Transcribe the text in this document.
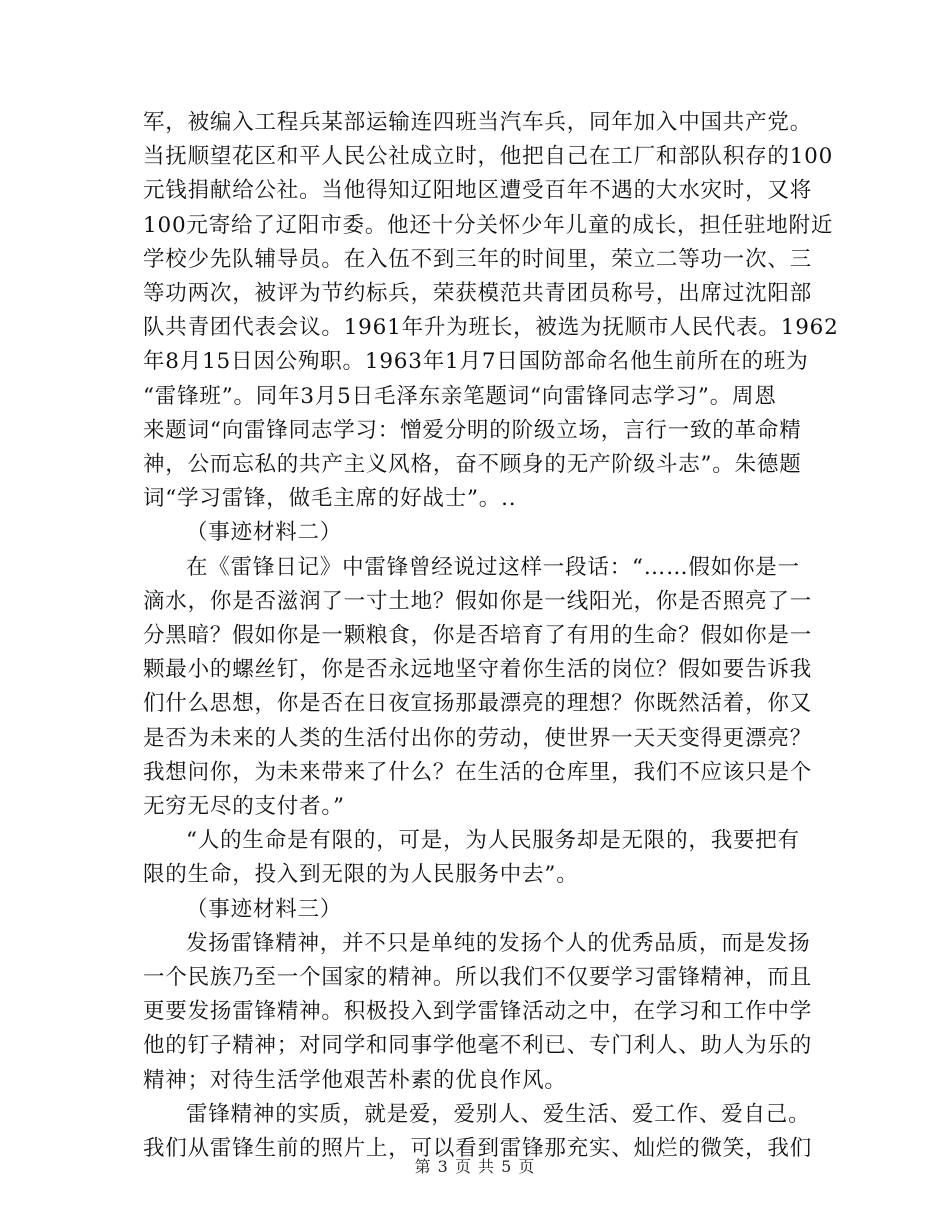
军，被编入工程兵某部运输连四班当汽车兵，同年加入中国共产党。
当抚顺望花区和平人民公社成立时，他把自己在工厂和部队积存的100
元钱捐献给公社。当他得知辽阳地区遭受百年不遇的大水灾时，又将
100元寄给了辽阳市委。他还十分关怀少年儿童的成长，担任驻地附近
学校少先队辅导员。在入伍不到三年的时间里，荣立二等功一次、三
等功两次，被评为节约标兵，荣获模范共青团员称号，出席过沈阳部
队共青团代表会议。1961年升为班长，被选为抚顺市人民代表。1962
年8月15日因公殉职。1963年1月7日国防部命名他生前所在的班为
“雷锋班”。同年3月5日毛泽东亲笔题词“向雷锋同志学习”。周恩
来题词“向雷锋同志学习：憎爱分明的阶级立场，言行一致的革命精
神，公而忘私的共产主义风格，奋不顾身的无产阶级斗志”。朱德题
词“学习雷锋，做毛主席的好战士”。..
（事迹材料二）
在《雷锋日记》中雷锋曾经说过这样一段话：“……假如你是一
滴水，你是否滋润了一寸土地？假如你是一线阳光，你是否照亮了一
分黑暗？假如你是一颗粮食，你是否培育了有用的生命？假如你是一
颗最小的螺丝钉，你是否永远地坚守着你生活的岗位？假如要告诉我
们什么思想，你是否在日夜宣扬那最漂亮的理想？你既然活着，你又
是否为未来的人类的生活付出你的劳动，使世界一天天变得更漂亮？
我想问你，为未来带来了什么？在生活的仓库里，我们不应该只是个
无穷无尽的支付者。”
“人的生命是有限的，可是，为人民服务却是无限的，我要把有
限的生命，投入到无限的为人民服务中去”。
（事迹材料三）
发扬雷锋精神，并不只是单纯的发扬个人的优秀品质，而是发扬
一个民族乃至一个国家的精神。所以我们不仅要学习雷锋精神，而且
更要发扬雷锋精神。积极投入到学雷锋活动之中，在学习和工作中学
他的钉子精神；对同学和同事学他毫不利已、专门利人、助人为乐的
精神；对待生活学他艰苦朴素的优良作风。
雷锋精神的实质，就是爱，爱别人、爱生活、爱工作、爱自己。
我们从雷锋生前的照片上，可以看到雷锋那充实、灿烂的微笑，我们
第 3 页 共 5 页
